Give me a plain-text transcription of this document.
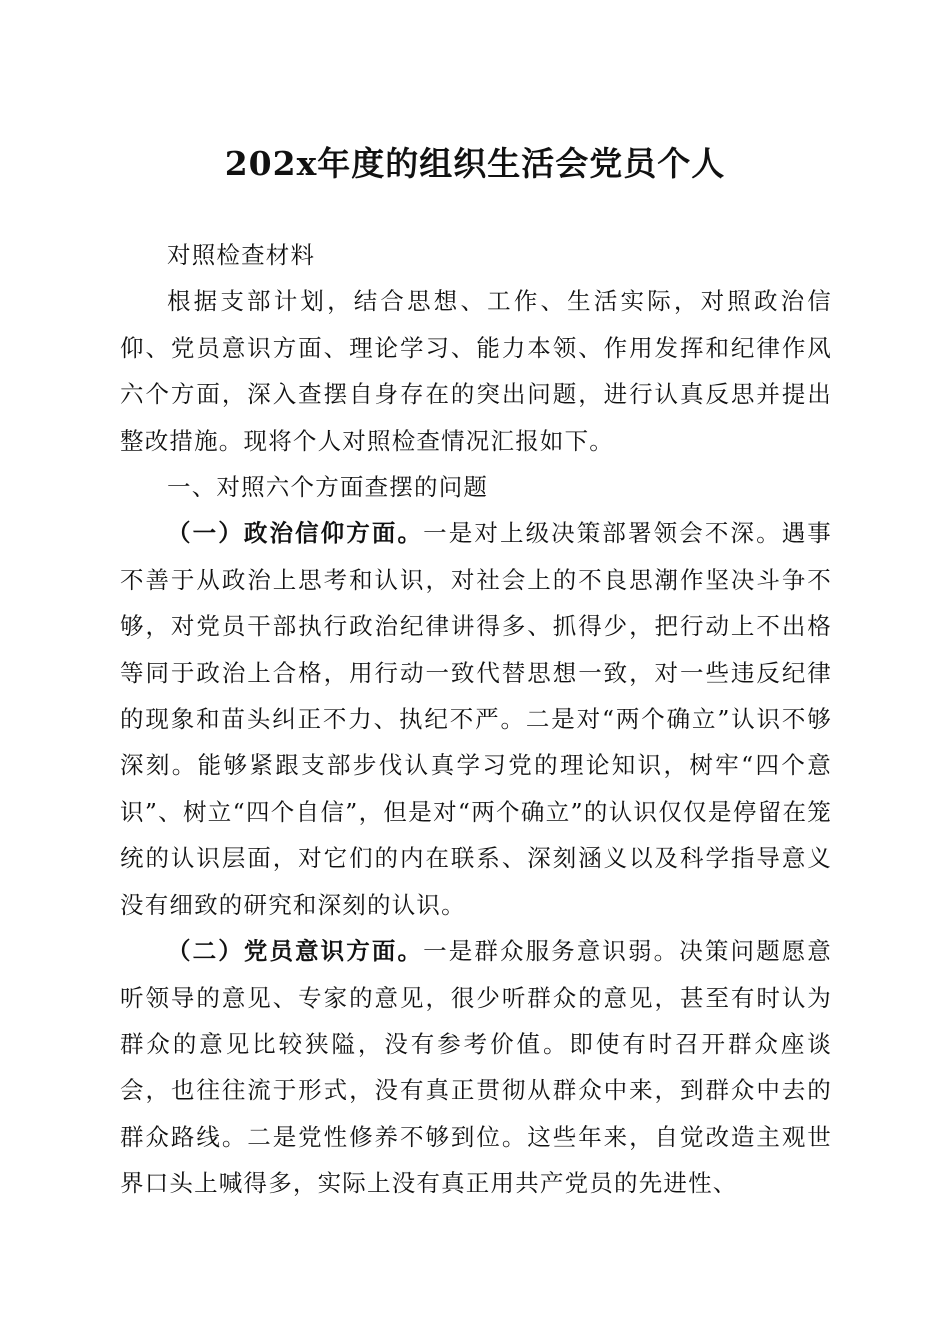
202x年度的组织生活会党员个人

对照检查材料

根据支部计划，结合思想、工作、生活实际，对照政治信仰、党员意识方面、理论学习、能力本领、作用发挥和纪律作风六个方面，深入查摆自身存在的突出问题，进行认真反思并提出整改措施。现将个人对照检查情况汇报如下。

一、对照六个方面查摆的问题

（一）政治信仰方面。一是对上级决策部署领会不深。遇事不善于从政治上思考和认识，对社会上的不良思潮作坚决斗争不够，对党员干部执行政治纪律讲得多、抓得少，把行动上不出格等同于政治上合格，用行动一致代替思想一致，对一些违反纪律的现象和苗头纠正不力、执纪不严。二是对“两个确立”认识不够深刻。能够紧跟支部步伐认真学习党的理论知识，树牢“四个意识”、树立“四个自信”，但是对“两个确立”的认识仅仅是停留在笼统的认识层面，对它们的内在联系、深刻涵义以及科学指导意义没有细致的研究和深刻的认识。

（二）党员意识方面。一是群众服务意识弱。决策问题愿意听领导的意见、专家的意见，很少听群众的意见，甚至有时认为群众的意见比较狭隘，没有参考价值。即使有时召开群众座谈会，也往往流于形式，没有真正贯彻从群众中来，到群众中去的群众路线。二是党性修养不够到位。这些年来，自觉改造主观世界口头上喊得多，实际上没有真正用共产党员的先进性、
